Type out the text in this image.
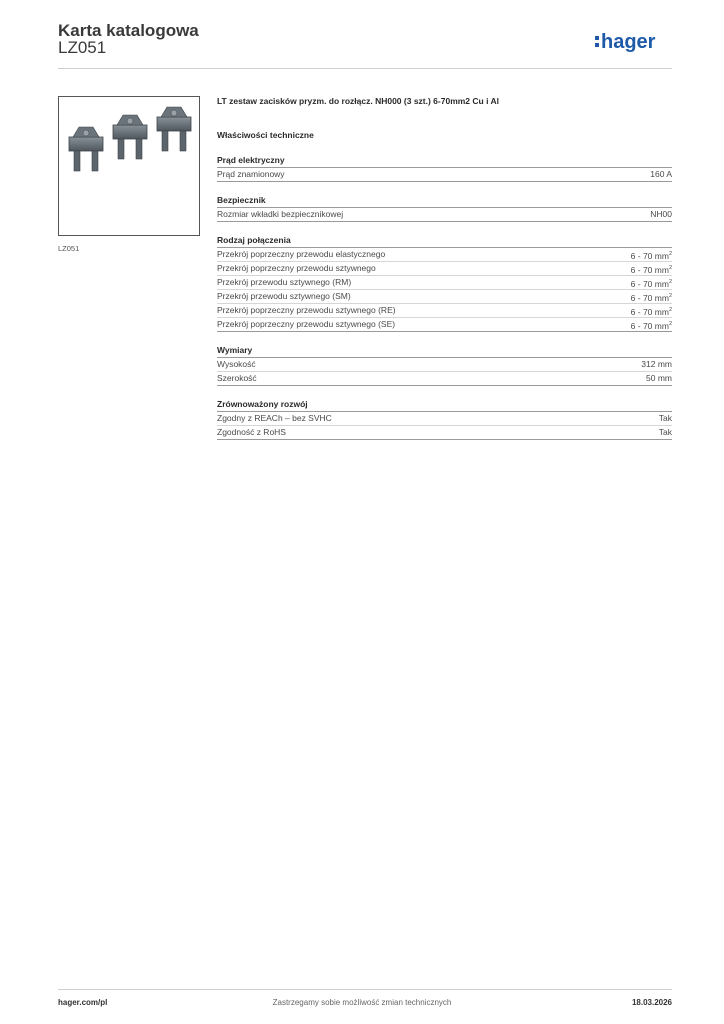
Karta katalogowa
LZ051	hager
LZ051

LT zestaw zacisków pryzm. do rozłącz. NH000 (3 szt.) 6-70mm2 Cu i Al

Właściwości techniczne

Prąd elektryczny
Prąd znamionowy	160 A
Bezpiecznik
Rozmiar wkładki bezpiecznikowej	NH00
Rodzaj połączenia
Przekrój poprzeczny przewodu elastycznego	6 - 70 $mm^2$
Przekrój poprzeczny przewodu sztywnego	6 - 70 $mm^2$
Przekrój przewodu sztywnego (RM)	6 - 70 $mm^2$
Przekrój przewodu sztywnego (SM)	6 - 70 $mm^2$
Przekrój poprzeczny przewodu sztywnego (RE)	6 - 70 $mm^2$
Przekrój poprzeczny przewodu sztywnego (SE)	6 - 70 $mm^2$
Wymiary
Wysokość	312 mm
Szerokość	50 mm
Zrównoważony rozwój
Zgodny z REACh – bez SVHC	Tak
Zgodność z RoHS	Tak
hager.com/pl	Zastrzegamy sobie możliwość zmian technicznych	18.03.2026
